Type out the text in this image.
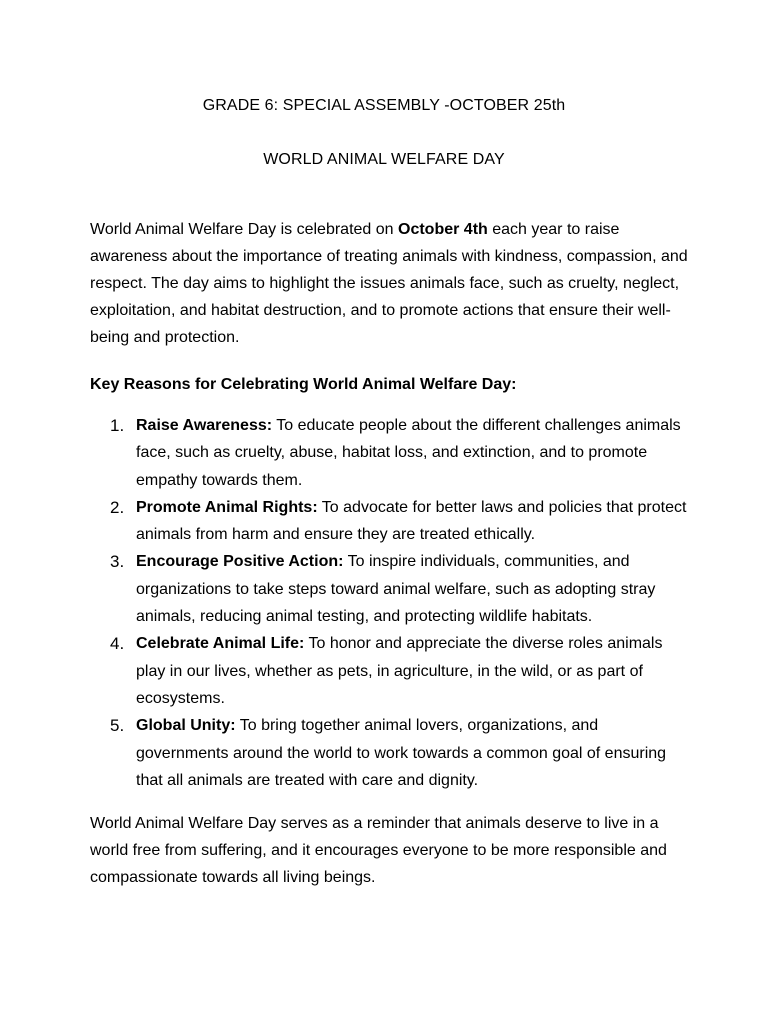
GRADE 6: SPECIAL ASSEMBLY -OCTOBER 25th
WORLD ANIMAL WELFARE DAY

World Animal Welfare Day is celebrated on October 4th each year to raise awareness about the importance of treating animals with kindness, compassion, and respect. The day aims to highlight the issues animals face, such as cruelty, neglect, exploitation, and habitat destruction, and to promote actions that ensure their well-being and protection.

Key Reasons for Celebrating World Animal Welfare Day:
1. Raise Awareness: To educate people about the different challenges animals face, such as cruelty, abuse, habitat loss, and extinction, and to promote empathy towards them.
2. Promote Animal Rights: To advocate for better laws and policies that protect animals from harm and ensure they are treated ethically.
3. Encourage Positive Action: To inspire individuals, communities, and organizations to take steps toward animal welfare, such as adopting stray animals, reducing animal testing, and protecting wildlife habitats.
4. Celebrate Animal Life: To honor and appreciate the diverse roles animals play in our lives, whether as pets, in agriculture, in the wild, or as part of ecosystems.
5. Global Unity: To bring together animal lovers, organizations, and governments around the world to work towards a common goal of ensuring that all animals are treated with care and dignity.

World Animal Welfare Day serves as a reminder that animals deserve to live in a world free from suffering, and it encourages everyone to be more responsible and compassionate towards all living beings.
